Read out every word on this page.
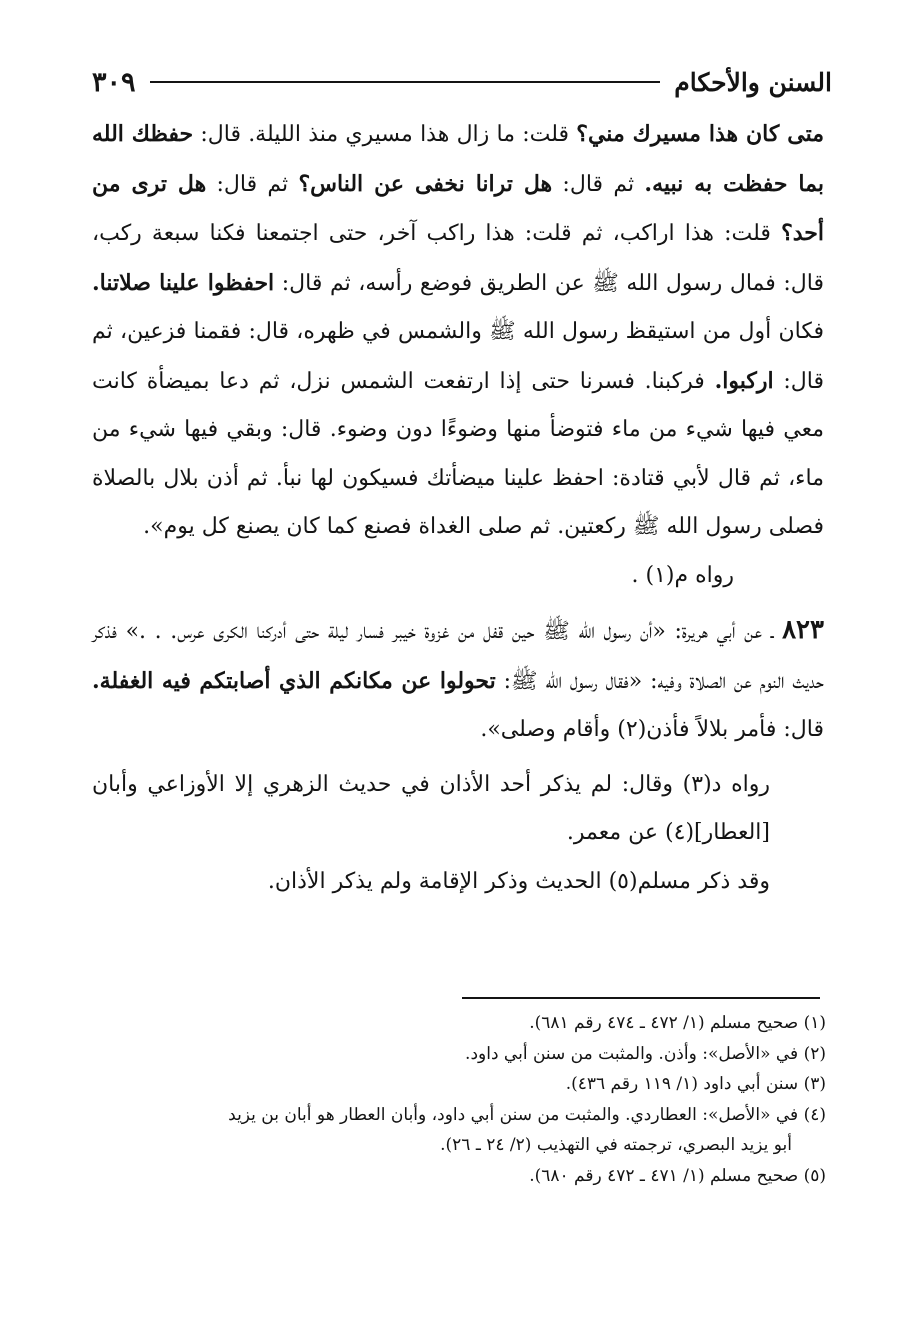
السنن والأحكام
٣٠٩

متى كان هذا مسيرك مني؟ قلت: ما زال هذا مسيري منذ الليلة. قال: حفظك الله بما حفظت به نبيه. ثم قال: هل ترانا نخفى عن الناس؟ ثم قال: هل ترى من أحد؟ قلت: هذا اراكب، ثم قلت: هذا راكب آخر، حتى اجتمعنا فكنا سبعة ركب، قال: فمال رسول الله ﷺ عن الطريق فوضع رأسه، ثم قال: احفظوا علينا صلاتنا. فكان أول من استيقظ رسول الله ﷺ والشمس في ظهره، قال: فقمنا فزعين، ثم قال: اركبوا. فركبنا. فسرنا حتى إذا ارتفعت الشمس نزل، ثم دعا بميضأة كانت معي فيها شيء من ماء فتوضأ منها وضوءًا دون وضوء. قال: وبقي فيها شيء من ماء، ثم قال لأبي قتادة: احفظ علينا ميضأتك فسيكون لها نبأ. ثم أذن بلال بالصلاة فصلى رسول الله ﷺ ركعتين. ثم صلى الغداة فصنع كما كان يصنع كل يوم».

رواه م(١) .

٨٢٣ ـ عن أبي هريرة: «أن رسول الله ﷺ حين قفل من غزوة خيبر فسار ليلة حتى أدركنا الكرى عرس. . .» فذكر حديث النوم عن الصلاة وفيه: «فقال رسول الله ﷺ: تحولوا عن مكانكم الذي أصابتكم فيه الغفلة. قال: فأمر بلالاً فأذن(٢) وأقام وصلى».

رواه د(٣) وقال: لم يذكر أحد الأذان في حديث الزهري إلا الأوزاعي وأبان [العطار](٤) عن معمر.

وقد ذكر مسلم(٥) الحديث وذكر الإقامة ولم يذكر الأذان.

(١) صحيح مسلم (١/ ٤٧٢ ـ ٤٧٤ رقم ٦٨١).

(٢) في «الأصل»: وأذن. والمثبت من سنن أبي داود.

(٣) سنن أبي داود (١/ ١١٩ رقم ٤٣٦).

(٤) في «الأصل»: العطاردي. والمثبت من سنن أبي داود، وأبان العطار هو أبان بن يزيد

أبو يزيد البصري، ترجمته في التهذيب (٢/ ٢٤ ـ ٢٦).

(٥) صحيح مسلم (١/ ٤٧١ ـ ٤٧٢ رقم ٦٨٠).
